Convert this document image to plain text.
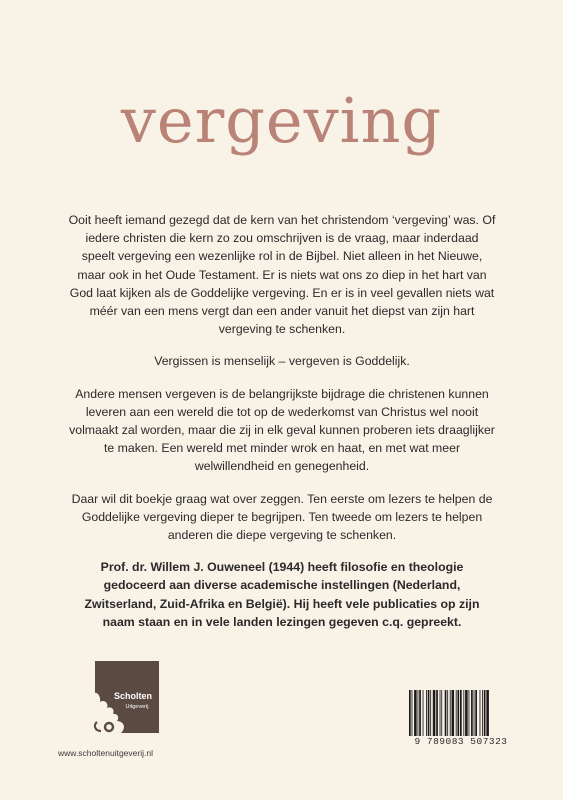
vergeving

Ooit heeft iemand gezegd dat de kern van het christendom ‘vergeving’ was. Of iedere christen die kern zo zou omschrijven is de vraag, maar inderdaad speelt vergeving een wezenlijke rol in de Bijbel. Niet alleen in het Nieuwe, maar ook in het Oude Testament. Er is niets wat ons zo diep in het hart van God laat kijken als de Goddelijke vergeving. En er is in veel gevallen niets wat méér van een mens vergt dan een ander vanuit het diepst van zijn hart vergeving te schenken.

Vergissen is menselijk – vergeven is Goddelijk.

Andere mensen vergeven is de belangrijkste bijdrage die christenen kunnen leveren aan een wereld die tot op de wederkomst van Christus wel nooit volmaakt zal worden, maar die zij in elk geval kunnen proberen iets draaglijker te maken. Een wereld met minder wrok en haat, en met wat meer welwillendheid en genegenheid.

Daar wil dit boekje graag wat over zeggen. Ten eerste om lezers te helpen de Goddelijke vergeving dieper te begrijpen. Ten tweede om lezers te helpen anderen die diepe vergeving te schenken.

Prof. dr. Willem J. Ouweneel (1944) heeft filosofie en theologie gedoceerd aan diverse academische instellingen (Nederland, Zwitserland, Zuid-Afrika en België). Hij heeft vele publicaties op zijn naam staan en in vele landen lezingen gegeven c.q. gepreekt.

Scholten
Uitgeverij
www.scholtenuitgeverij.nl
9 789083 507323
